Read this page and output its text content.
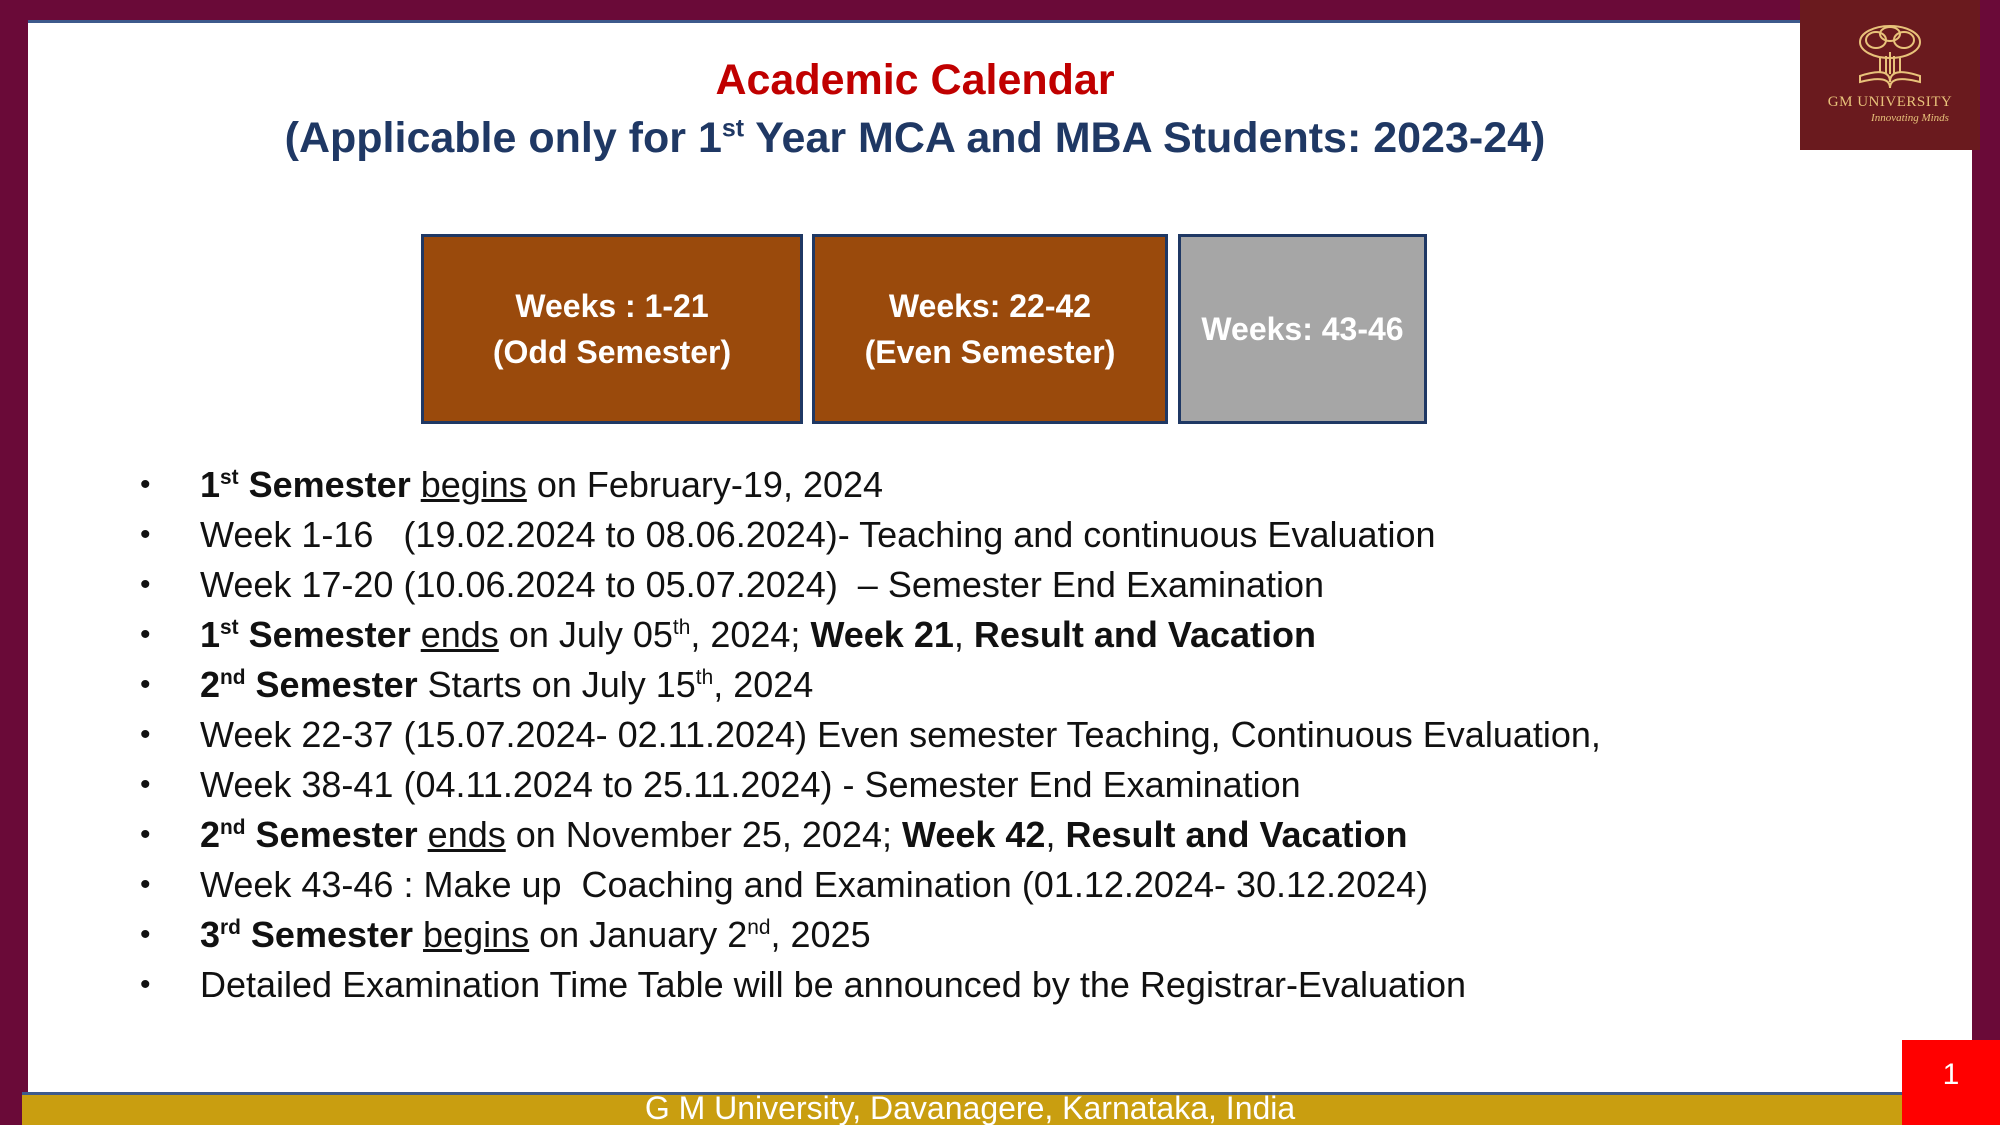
GM UNIVERSITY
Innovating Minds
Academic Calendar
(Applicable only for 1st Year MCA and MBA Students: 2023-24)
Weeks : 1-21
(Odd Semester)
Weeks: 22-42
(Even Semester)
Weeks: 43-46
• 1st Semester begins on February-19, 2024
• Week 1-16   (19.02.2024 to 08.06.2024)- Teaching and continuous Evaluation
• Week 17-20 (10.06.2024 to 05.07.2024)  – Semester End Examination
• 1st Semester ends on July 05th, 2024; Week 21, Result and Vacation
• 2nd Semester Starts on July 15th, 2024
• Week 22-37 (15.07.2024- 02.11.2024) Even semester Teaching, Continuous Evaluation,
• Week 38-41 (04.11.2024 to 25.11.2024) - Semester End Examination
• 2nd Semester ends on November 25, 2024; Week 42, Result and Vacation
• Week 43-46 : Make up  Coaching and Examination (01.12.2024- 30.12.2024)
• 3rd Semester begins on January 2nd, 2025
• Detailed Examination Time Table will be announced by the Registrar-Evaluation
G M University, Davanagere, Karnataka, India
1
